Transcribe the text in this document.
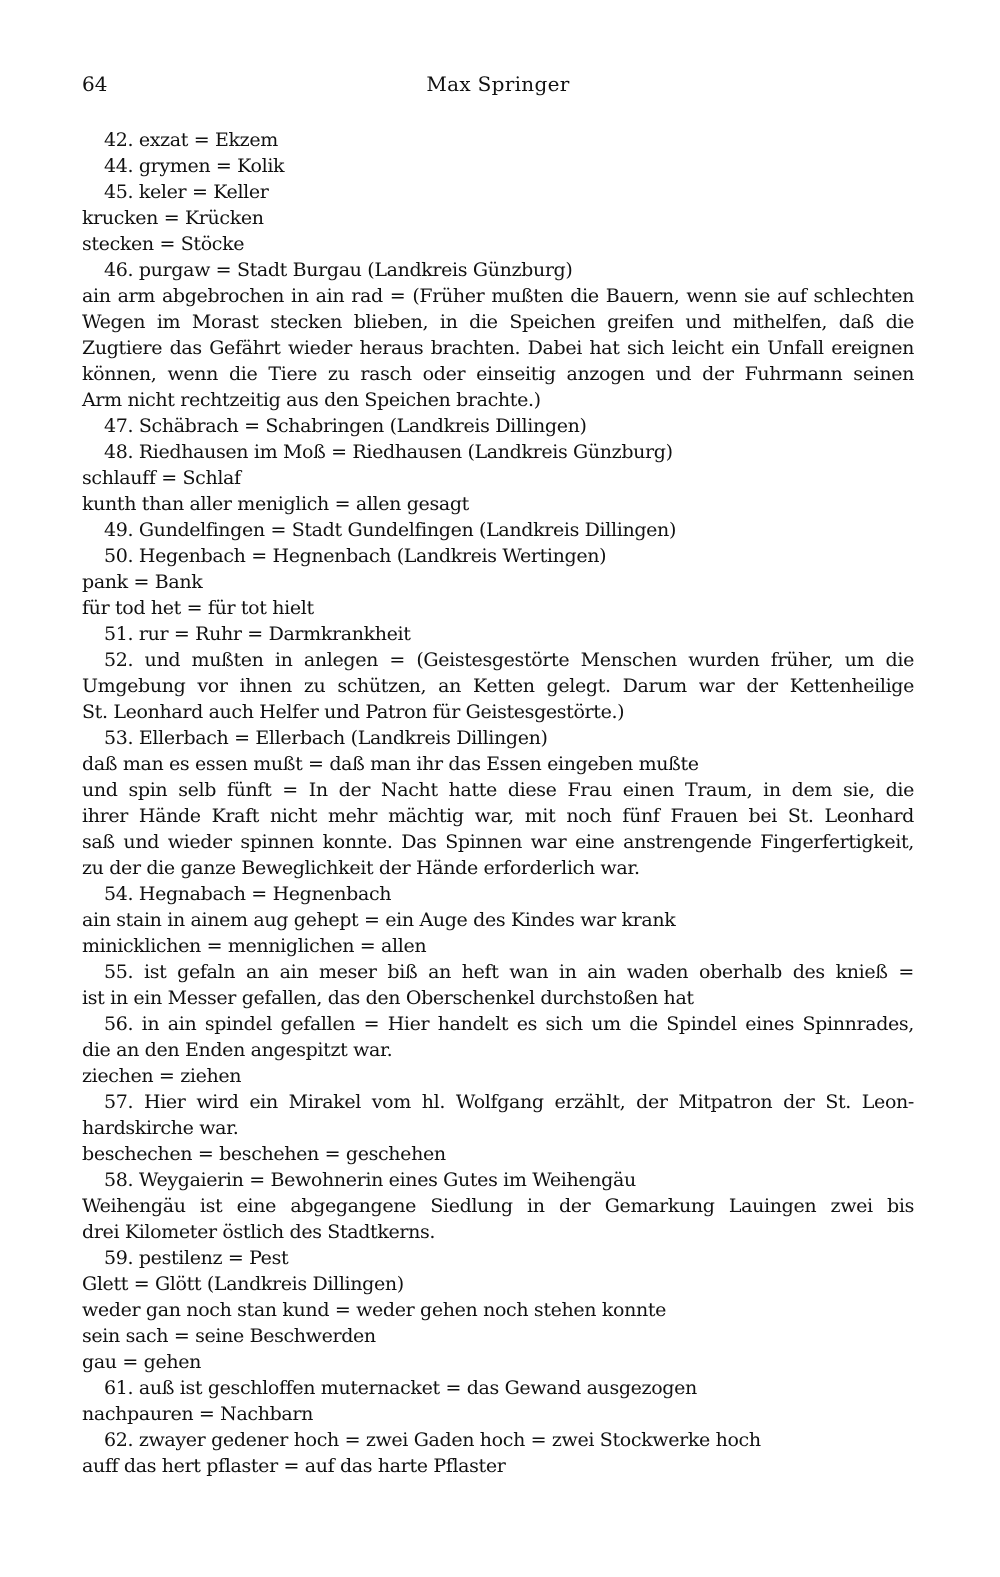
64	Max Springer

42. exzat = Ekzem

44. grymen = Kolik

45. keler = Keller

krucken = Krücken

stecken = Stöcke

46. purgaw = Stadt Burgau (Landkreis Günzburg)

ain arm abgebrochen in ain rad = (Früher mußten die Bauern, wenn sie auf schlechten

Wegen im Morast stecken blieben, in die Speichen greifen und mithelfen, daß die

Zugtiere das Gefährt wieder heraus brachten. Dabei hat sich leicht ein Unfall ereignen

können, wenn die Tiere zu rasch oder einseitig anzogen und der Fuhrmann seinen

Arm nicht rechtzeitig aus den Speichen brachte.)

47. Schäbrach = Schabringen (Landkreis Dillingen)

48. Riedhausen im Moß = Riedhausen (Landkreis Günzburg)

schlauff = Schlaf

kunth than aller meniglich = allen gesagt

49. Gundelfingen = Stadt Gundelfingen (Landkreis Dillingen)

50. Hegenbach = Hegnenbach (Landkreis Wertingen)

pank = Bank

für tod het = für tot hielt

51. rur = Ruhr = Darmkrankheit

52. und mußten in anlegen = (Geistesgestörte Menschen wurden früher, um die

Umgebung vor ihnen zu schützen, an Ketten gelegt. Darum war der Kettenheilige

St. Leonhard auch Helfer und Patron für Geistesgestörte.)

53. Ellerbach = Ellerbach (Landkreis Dillingen)

daß man es essen mußt = daß man ihr das Essen eingeben mußte

und spin selb fünft = In der Nacht hatte diese Frau einen Traum, in dem sie, die

ihrer Hände Kraft nicht mehr mächtig war, mit noch fünf Frauen bei St. Leonhard

saß und wieder spinnen konnte. Das Spinnen war eine anstrengende Fingerfertigkeit,

zu der die ganze Beweglichkeit der Hände erforderlich war.

54. Hegnabach = Hegnenbach

ain stain in ainem aug gehept = ein Auge des Kindes war krank

minicklichen = menniglichen = allen

55. ist gefaln an ain meser biß an heft wan in ain waden oberhalb des knieß =

ist in ein Messer gefallen, das den Oberschenkel durchstoßen hat

56. in ain spindel gefallen = Hier handelt es sich um die Spindel eines Spinnrades,

die an den Enden angespitzt war.

ziechen = ziehen

57. Hier wird ein Mirakel vom hl. Wolfgang erzählt, der Mitpatron der St. Leon-

hardskirche war.

beschechen = beschehen = geschehen

58. Weygaierin = Bewohnerin eines Gutes im Weihengäu

Weihengäu ist eine abgegangene Siedlung in der Gemarkung Lauingen zwei bis

drei Kilometer östlich des Stadtkerns.

59. pestilenz = Pest

Glett = Glött (Landkreis Dillingen)

weder gan noch stan kund = weder gehen noch stehen konnte

sein sach = seine Beschwerden

gau = gehen

61. auß ist geschloffen muternacket = das Gewand ausgezogen

nachpauren = Nachbarn

62. zwayer gedener hoch = zwei Gaden hoch = zwei Stockwerke hoch

auff das hert pflaster = auf das harte Pflaster
